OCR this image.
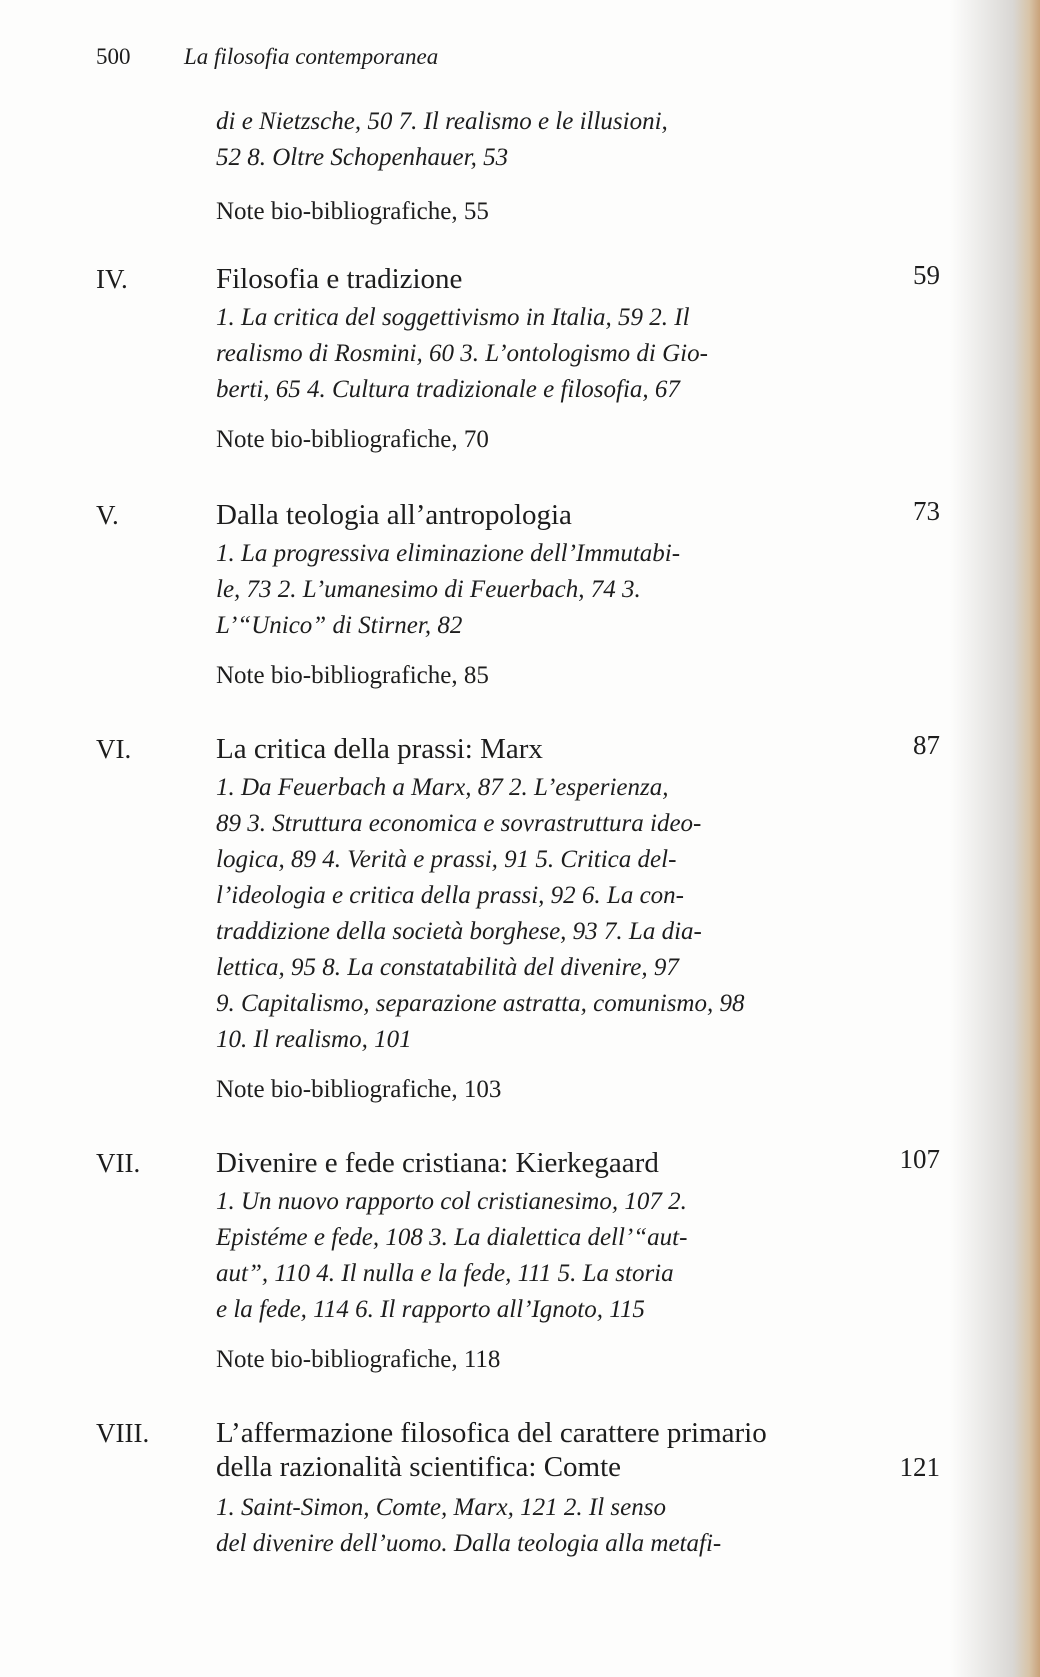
500 La filosofia contemporanea
di e Nietzsche, 50 7. Il realismo e le illusioni,
52 8. Oltre Schopenhauer, 53
Note bio-bibliografiche, 55
IV.	Filosofia e tradizione	59
1. La critica del soggettivismo in Italia, 59 2. Il
realismo di Rosmini, 60 3. L’ontologismo di Gio-
berti, 65 4. Cultura tradizionale e filosofia, 67
Note bio-bibliografiche, 70
V.	Dalla teologia all’antropologia	73
1. La progressiva eliminazione dell’Immutabi-
le, 73 2. L’umanesimo di Feuerbach, 74 3.
L’“Unico” di Stirner, 82
Note bio-bibliografiche, 85
VI.	La critica della prassi: Marx	87
1. Da Feuerbach a Marx, 87 2. L’esperienza,
89 3. Struttura economica e sovrastruttura ideo-
logica, 89 4. Verità e prassi, 91 5. Critica del-
l’ideologia e critica della prassi, 92 6. La con-
traddizione della società borghese, 93 7. La dia-
lettica, 95 8. La constatabilità del divenire, 97
9. Capitalismo, separazione astratta, comunismo, 98
10. Il realismo, 101
Note bio-bibliografiche, 103
VII.	Divenire e fede cristiana: Kierkegaard	107
1. Un nuovo rapporto col cristianesimo, 107 2.
Epistéme e fede, 108 3. La dialettica dell’“aut-
aut”, 110 4. Il nulla e la fede, 111 5. La storia
e la fede, 114 6. Il rapporto all’Ignoto, 115
Note bio-bibliografiche, 118
VIII. L’affermazione filosofica del carattere primario
della razionalità scientifica: Comte	121
1. Saint-Simon, Comte, Marx, 121 2. Il senso
del divenire dell’uomo. Dalla teologia alla metafi-
